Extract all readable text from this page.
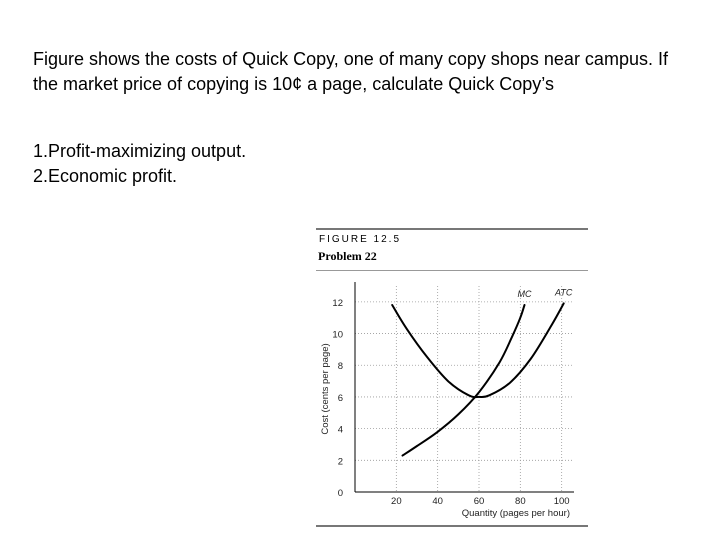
Figure shows the costs of Quick Copy, one of many copy shops near campus. If the market price of copying is 10¢ a page, calculate Quick Copy’s

1.Profit-maximizing output.
2.Economic profit.
FIGURE 12.5
Problem 22
0
2
4
6
8
10
12
20	40	60	80	100
Quantity (pages per hour)
Cost (cents per page)
MC	ATC
